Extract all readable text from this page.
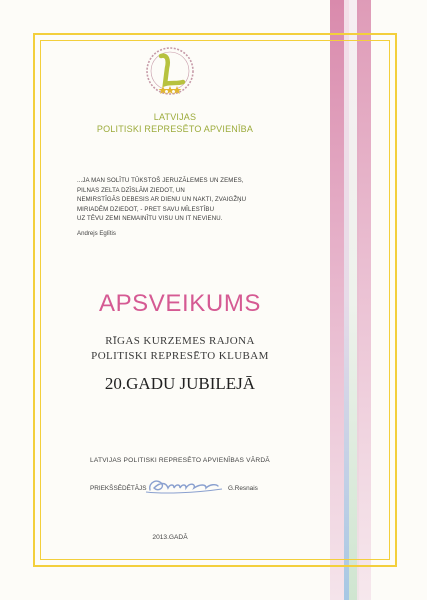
LATVIJAS
POLITISKI REPRESĒTO APVIENĪBA
...JA MAN SOLĪTU TŪKSTOŠ JERUZĀLEMES UN ZEMES,
PILNAS ZELTA DZĪSLĀM ZIEDOT, UN
NEMIRSTĪGĀS DEBESIS AR DIENU UN NAKTI, ZVAIGŽŅU
MIRIADĒM DZIEDOT, - PRET SAVU MĪLESTĪBU
UZ TĒVU ZEMI NEMAINĪTU VISU UN IT NEVIENU.
Andrejs Eglītis
APSVEIKUMS
RĪGAS KURZEMES RAJONA
POLITISKI REPRESĒTO KLUBAM
20.GADU JUBILEJĀ
LATVIJAS POLITISKI REPRESĒTO APVIENĪBAS VĀRDĀ
PRIEKŠSĒDĒTĀJS	G.Resnais
2013.GADĀ
